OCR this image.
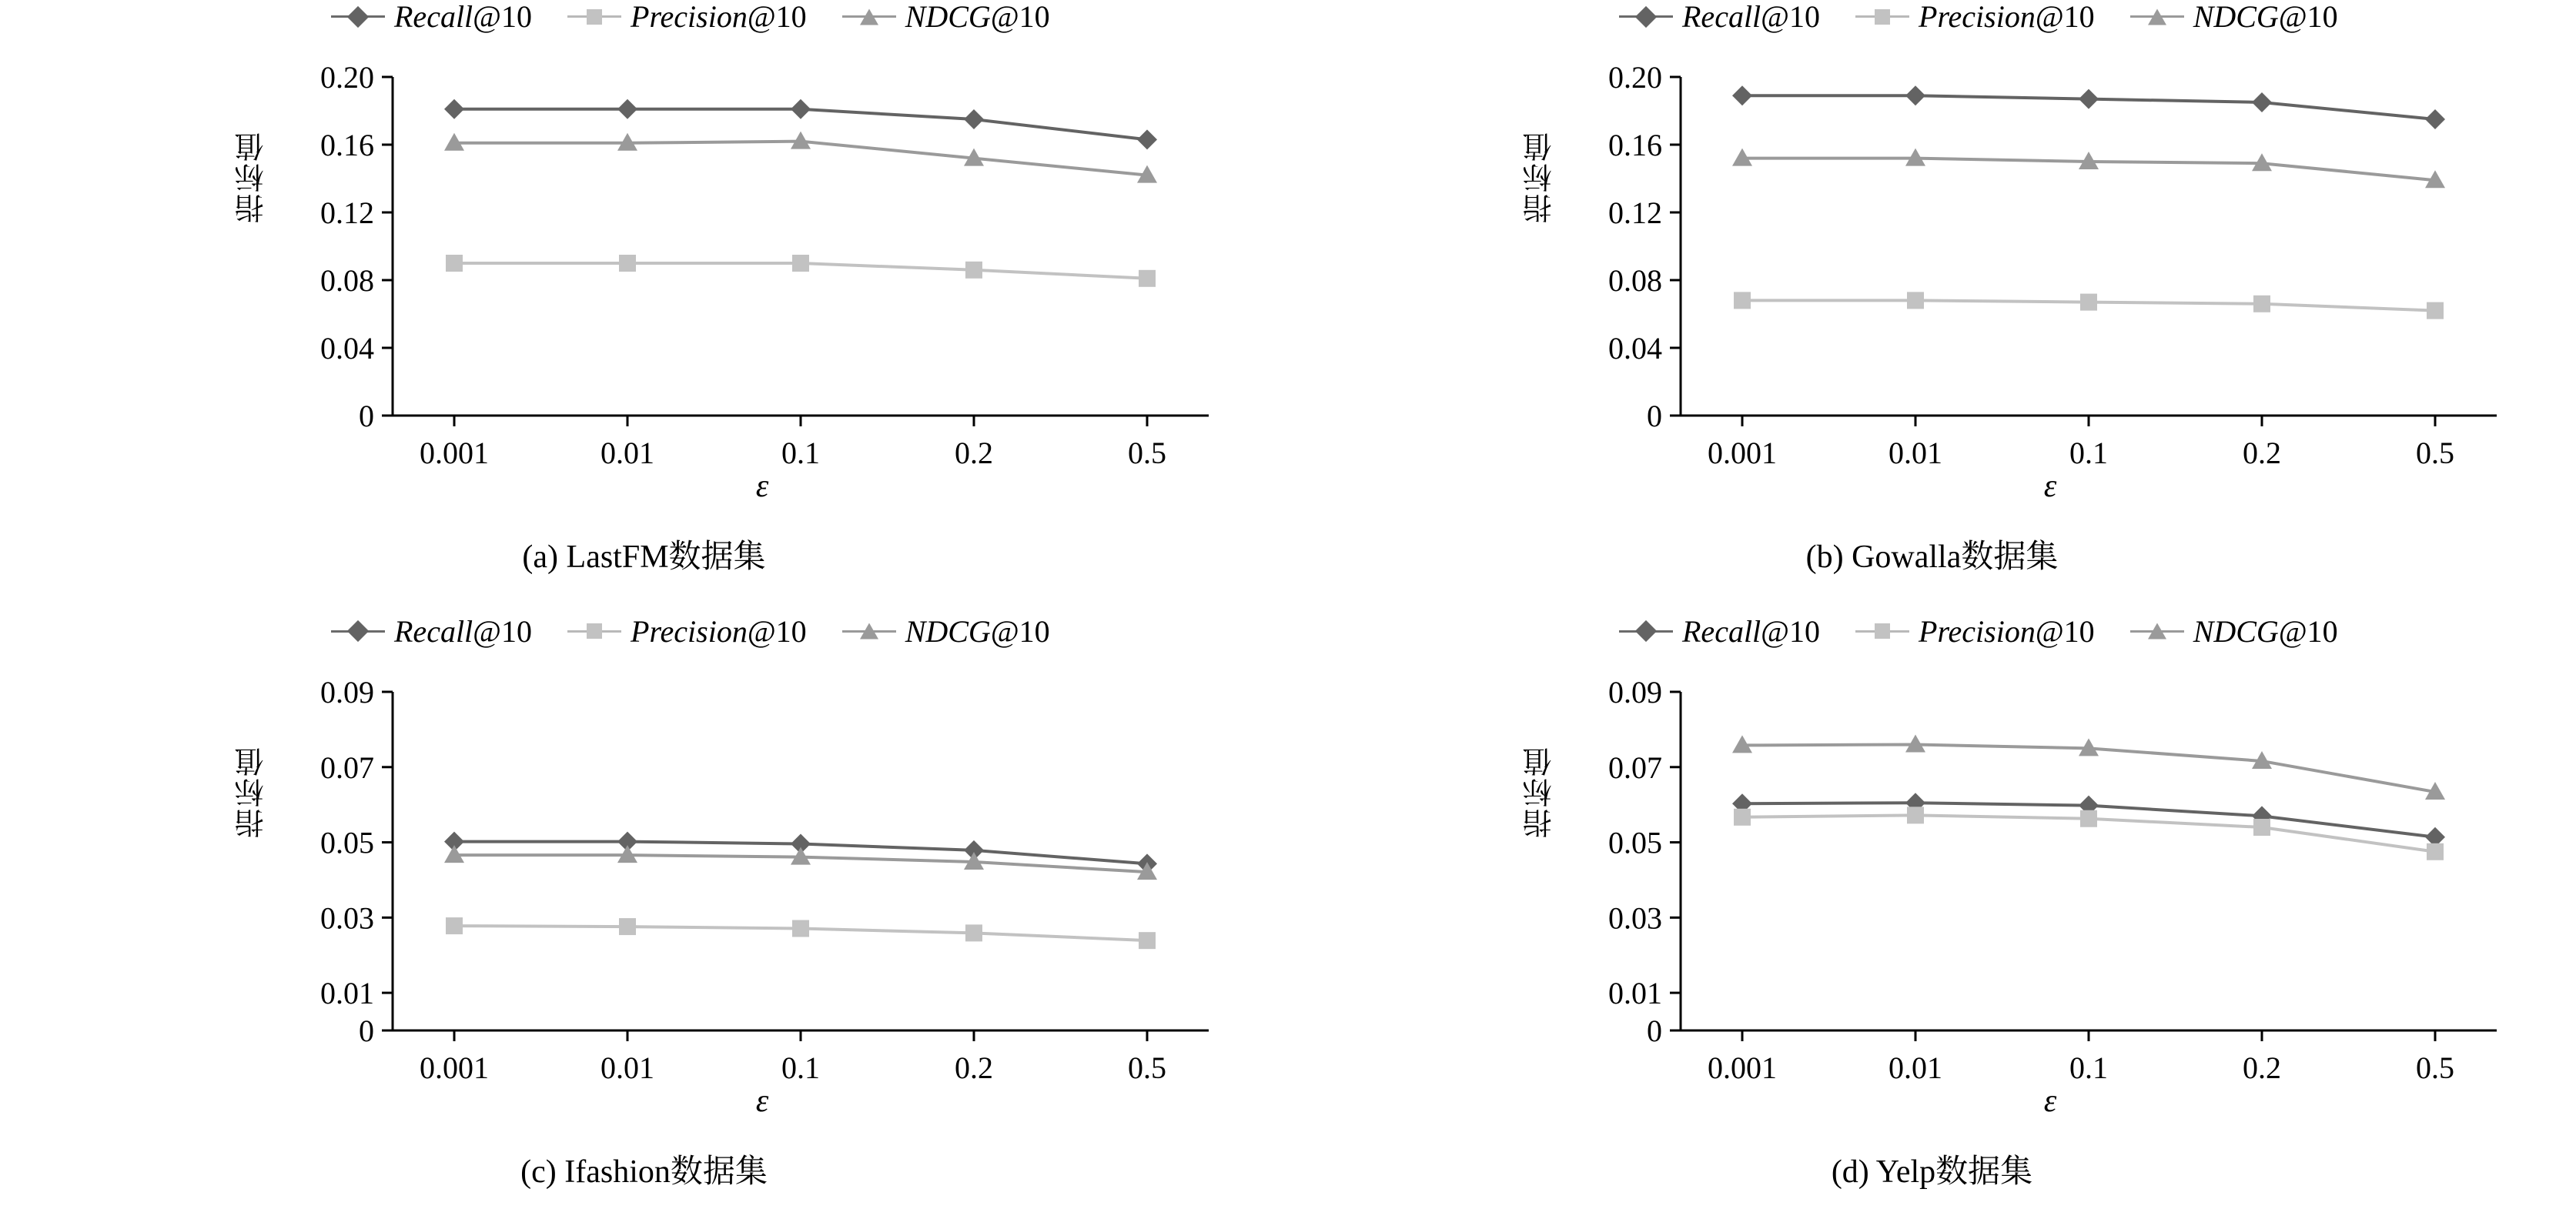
Recall@10	Precision@10	NDCG@10
指标值
0
0.04
0.08
0.12
0.16
0.20
0.001	0.01	0.1	0.2	0.5
ε
(a) LastFM数据集
Recall@10	Precision@10	NDCG@10
指标值
0
0.04
0.08
0.12
0.16
0.20
0.001	0.01	0.1	0.2	0.5
ε
(b) Gowalla数据集
Recall@10	Precision@10	NDCG@10
指标值
0
0.01
0.03
0.05
0.07
0.09
0.001	0.01	0.1	0.2	0.5
ε
(c) Ifashion数据集
Recall@10	Precision@10	NDCG@10
指标值
0
0.01
0.03
0.05
0.07
0.09
0.001	0.01	0.1	0.2	0.5
ε
(d) Yelp数据集
